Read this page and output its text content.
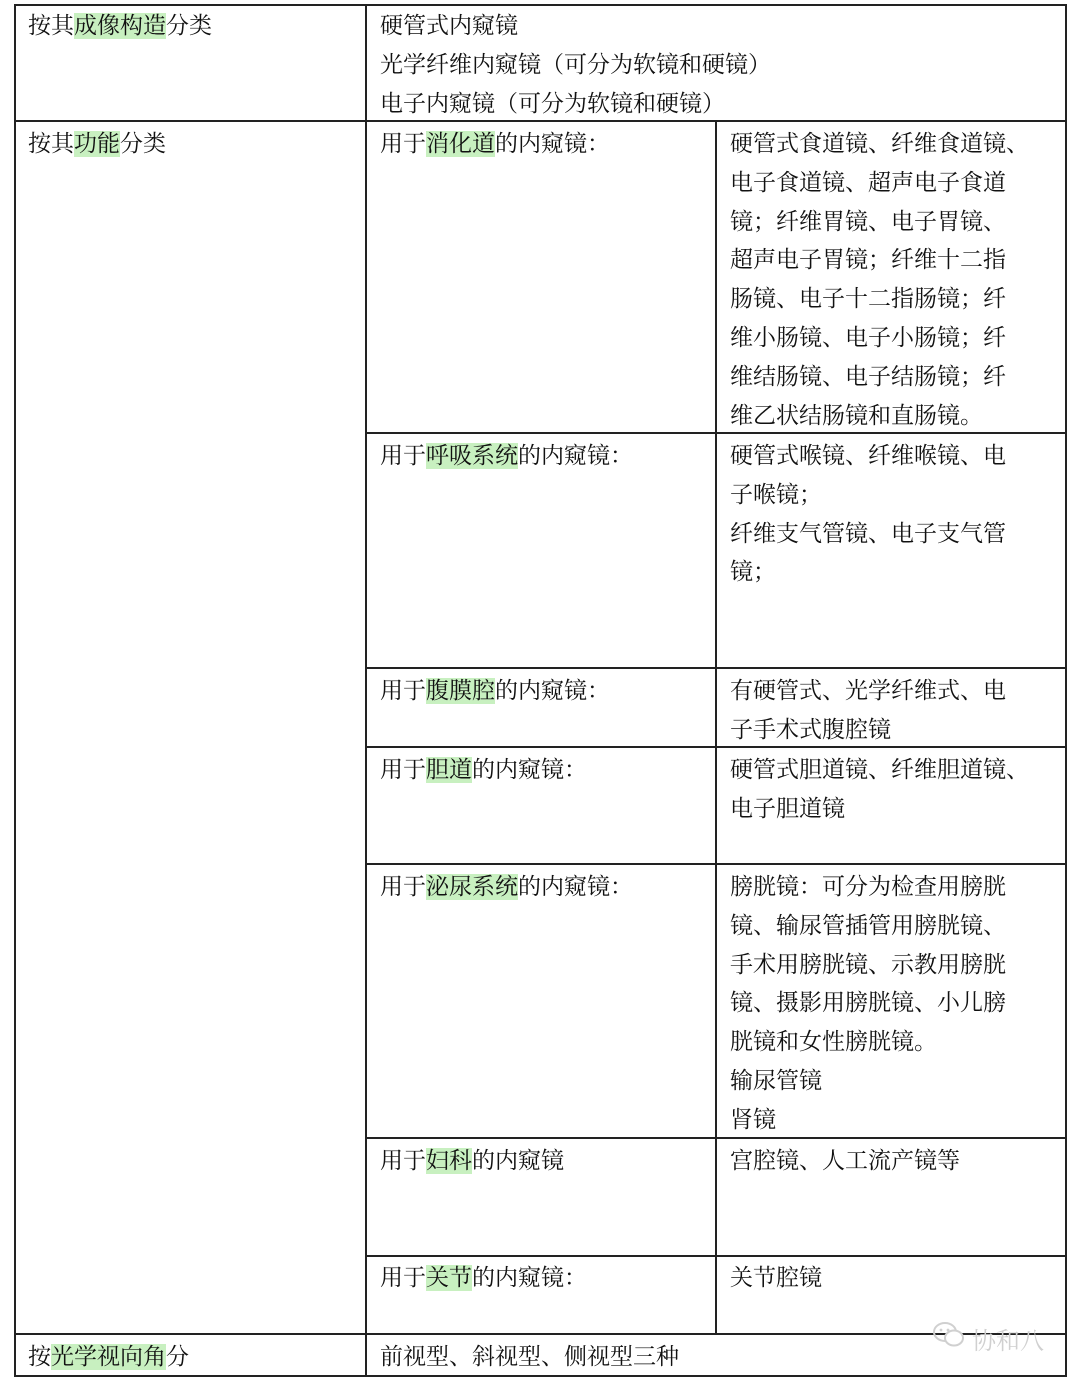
按其成像构造分类	硬管式内窥镜
光学纤维内窥镜（可分为软镜和硬镜）
电子内窥镜（可分为软镜和硬镜）
按其功能分类	用于消化道的内窥镜：	硬管式食道镜、纤维食道镜、
电子食道镜、超声电子食道
镜；纤维胃镜、电子胃镜、
超声电子胃镜；纤维十二指
肠镜、电子十二指肠镜；纤
维小肠镜、电子小肠镜；纤
维结肠镜、电子结肠镜；纤
维乙状结肠镜和直肠镜。
用于呼吸系统的内窥镜：	硬管式喉镜、纤维喉镜、电
子喉镜；
纤维支气管镜、电子支气管
镜；
用于腹膜腔的内窥镜：	有硬管式、光学纤维式、电
子手术式腹腔镜
用于胆道的内窥镜：	硬管式胆道镜、纤维胆道镜、
电子胆道镜
用于泌尿系统的内窥镜：	膀胱镜：可分为检查用膀胱
镜、输尿管插管用膀胱镜、
手术用膀胱镜、示教用膀胱
镜、摄影用膀胱镜、小儿膀
胱镜和女性膀胱镜。
输尿管镜
肾镜
用于妇科的内窥镜	宫腔镜、人工流产镜等
用于关节的内窥镜：	关节腔镜
按光学视向角分	前视型、斜视型、侧视型三种
协和八
